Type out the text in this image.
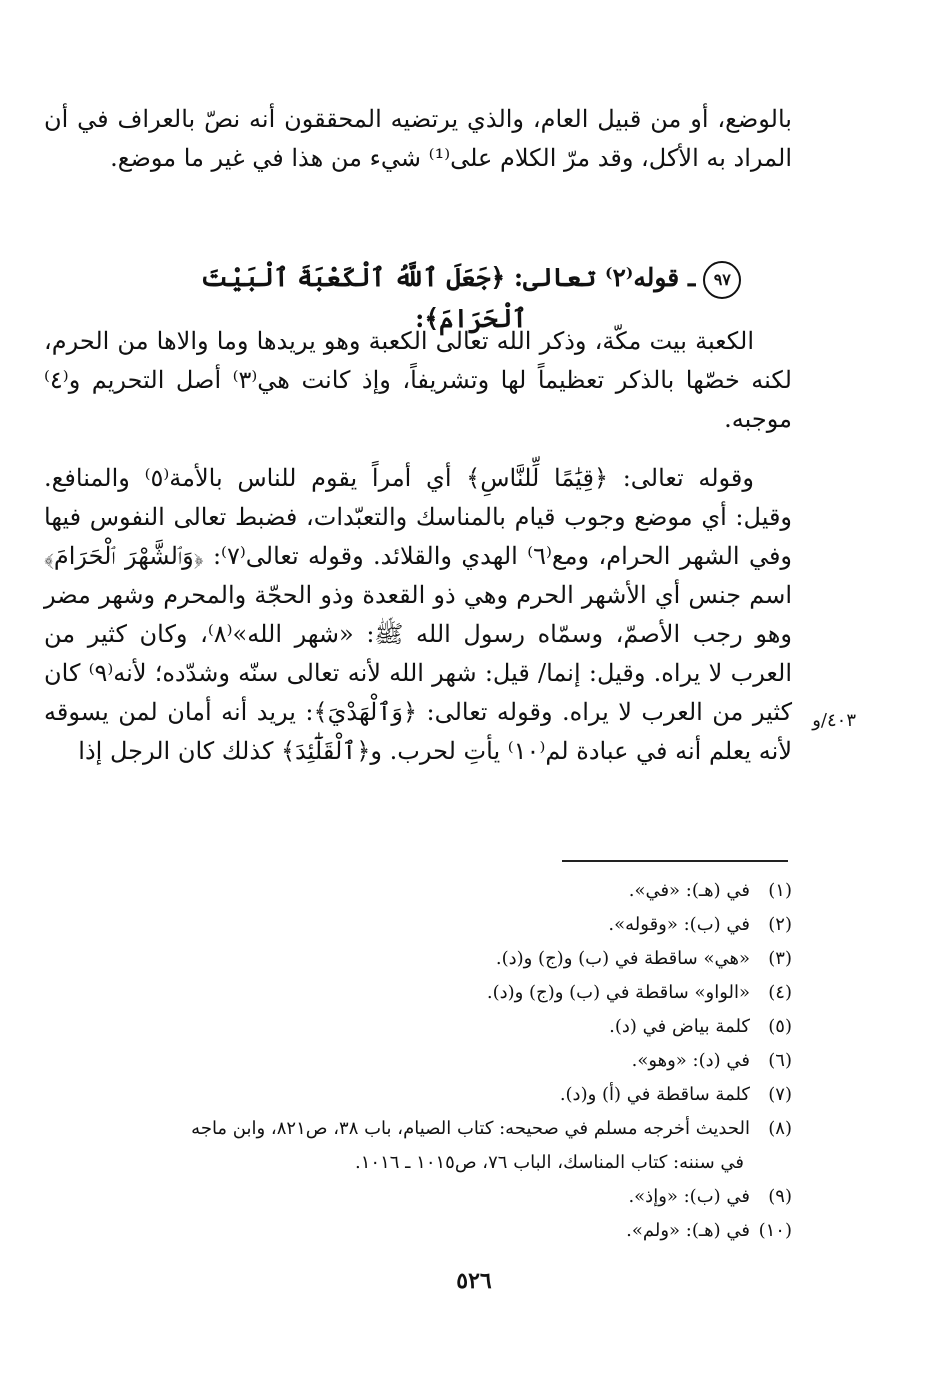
بالوضع، أو من قبيل العام، والذي يرتضيه المحققون أنه نصّ بالعراف في أن المراد به الأكل، وقد مرّ الكلام على⁽¹⁾ شيء من هذا في غير ما موضع.

٩٧ـ قوله⁽٢⁾ تعالى: ﴿جَعَلَ ٱللَّهُ ٱلْكَعْبَةَ ٱلْبَيْتَ ٱلْحَرَامَ﴾:

الكعبة بيت مكّة، وذكر الله تعالى الكعبة وهو يريدها وما والاها من الحرم، لكنه خصّها بالذكر تعظيماً لها وتشريفاً، وإذ كانت هي⁽٣⁾ أصل التحريم و⁽٤⁾ موجبه.

وقوله تعالى: ﴿قِيَٰمًا لِّلنَّاسِ﴾ أي أمراً يقوم للناس بالأمة⁽٥⁾ والمنافع. وقيل: أي موضع وجوب قيام بالمناسك والتعبّدات، فضبط تعالى النفوس فيها وفي الشهر الحرام، ومع⁽٦⁾ الهدي والقلائد. وقوله تعالى⁽٧⁾: ﴿وَٱلشَّهْرَ ٱلْحَرَامَ﴾ اسم جنس أي الأشهر الحرم وهي ذو القعدة وذو الحجّة والمحرم وشهر مضر وهو رجب الأصمّ، وسمّاه رسول الله ﷺ: «شهر الله»⁽٨⁾، وكان كثير من العرب لا يراه. وقيل: إنما/ قيل: شهر الله لأنه تعالى سنّه وشدّده؛ لأنه⁽٩⁾ كان كثير من العرب لا يراه. وقوله تعالى: ﴿وَٱلْهَدْيَ﴾: يريد أنه أمان لمن يسوقه لأنه يعلم أنه في عبادة لم⁽١٠⁾ يأتِ لحرب. و﴿ٱلْقَلَٰٓئِدَ﴾ كذلك كان الرجل إذا

٤٠٣/و

(١)في (هـ): «في».

(٢)في (ب): «وقوله».

(٣)«هي» ساقطة في (ب) و(ج) و(د).

(٤)«الواو» ساقطة في (ب) و(ج) و(د).

(٥)كلمة بياض في (د).

(٦)في (د): «وهو».

(٧)كلمة ساقطة في (أ) و(د).

(٨)الحديث أخرجه مسلم في صحيحه: كتاب الصيام، باب ٣٨، ص٨٢١، وابن ماجه

في سننه: كتاب المناسك، الباب ٧٦، ص١٠١٥ ـ ١٠١٦.

(٩)في (ب): «وإذ».

(١٠)في (هـ): «ولم».

٥٢٦
